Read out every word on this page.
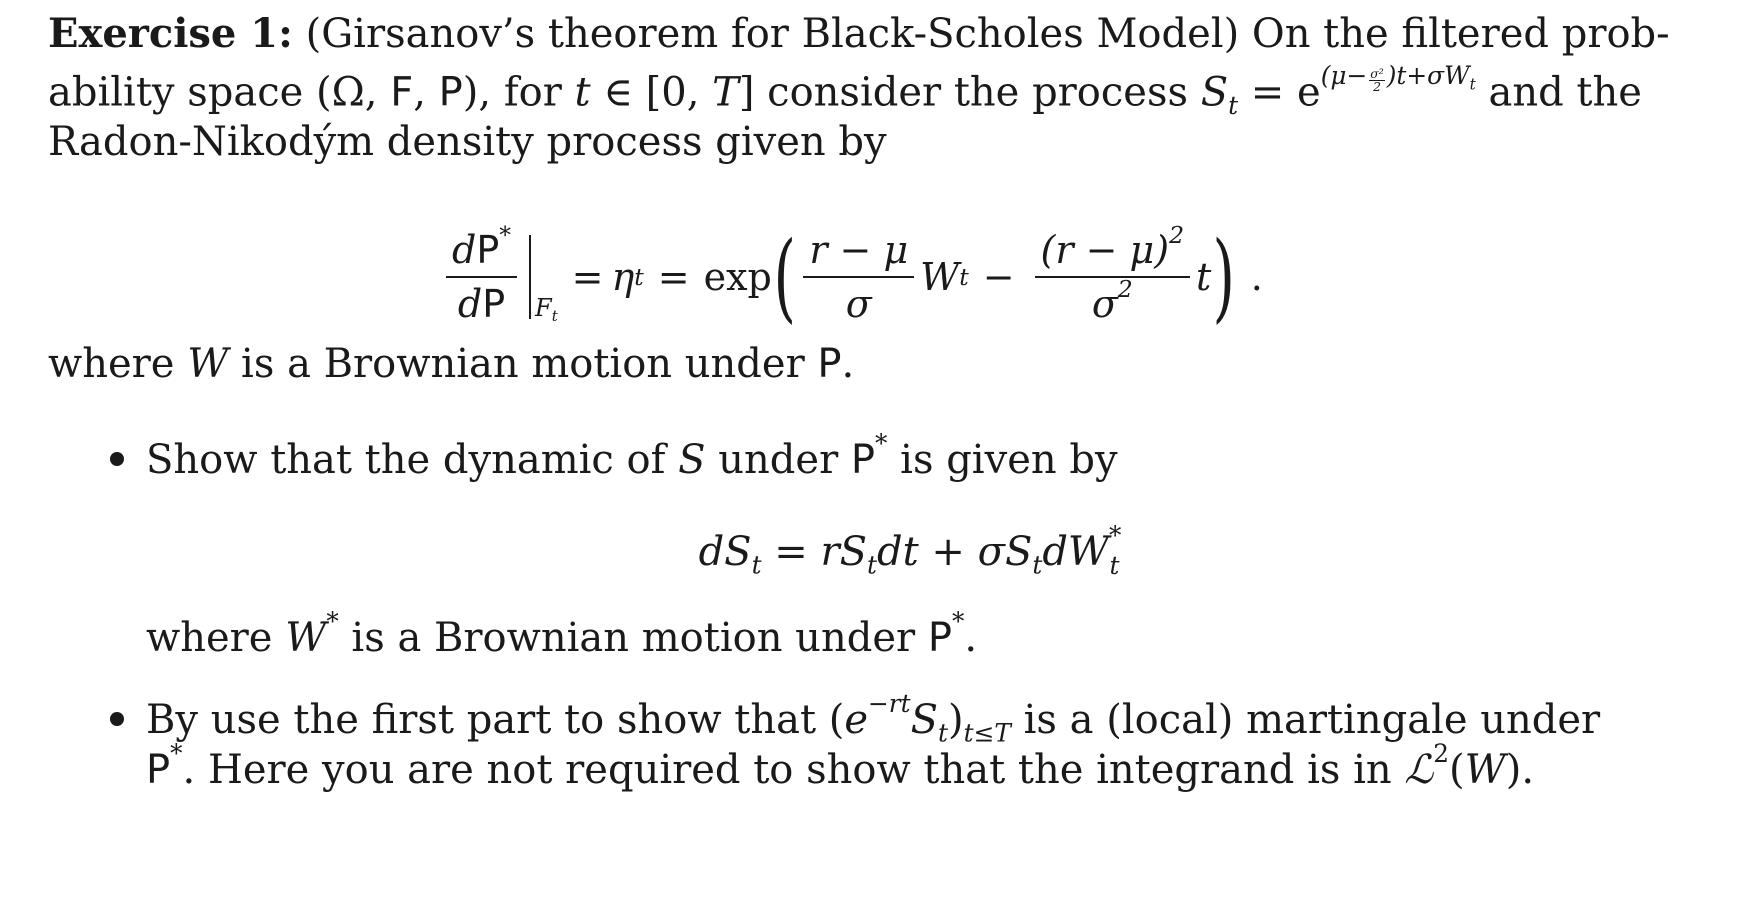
Exercise 1: (Girsanov’s theorem for Black-Scholes Model) On the filtered prob-
ability space (Ω, F, P), for t ∈ [0, T] consider the process $S_t = e^{(\mu- \frac{\text{σ²}}{2} )t+\sigma W_t}$ and the
Radon-Nikodým density process given by
$\frac{dP^*}{dP} F_t$
= η t = exp ( $\frac{r - \mu}{\sigma}$ W $t - \frac{(r - \mu)^2}{\sigma^2}$ t ) .
where W is a Brownian motion under P.
Show that the dynamic of S under P* is given by
$dS_t = rS_tdt + \sigma S_tdW^*_t$
where W* is a Brownian motion under P*.
By use the first part to show that $(e^{-rt}S_t)_{t\le T}$ is a (local) martingale under
P*. Here you are not required to show that the integrand is in ℒ$^2$(W).
